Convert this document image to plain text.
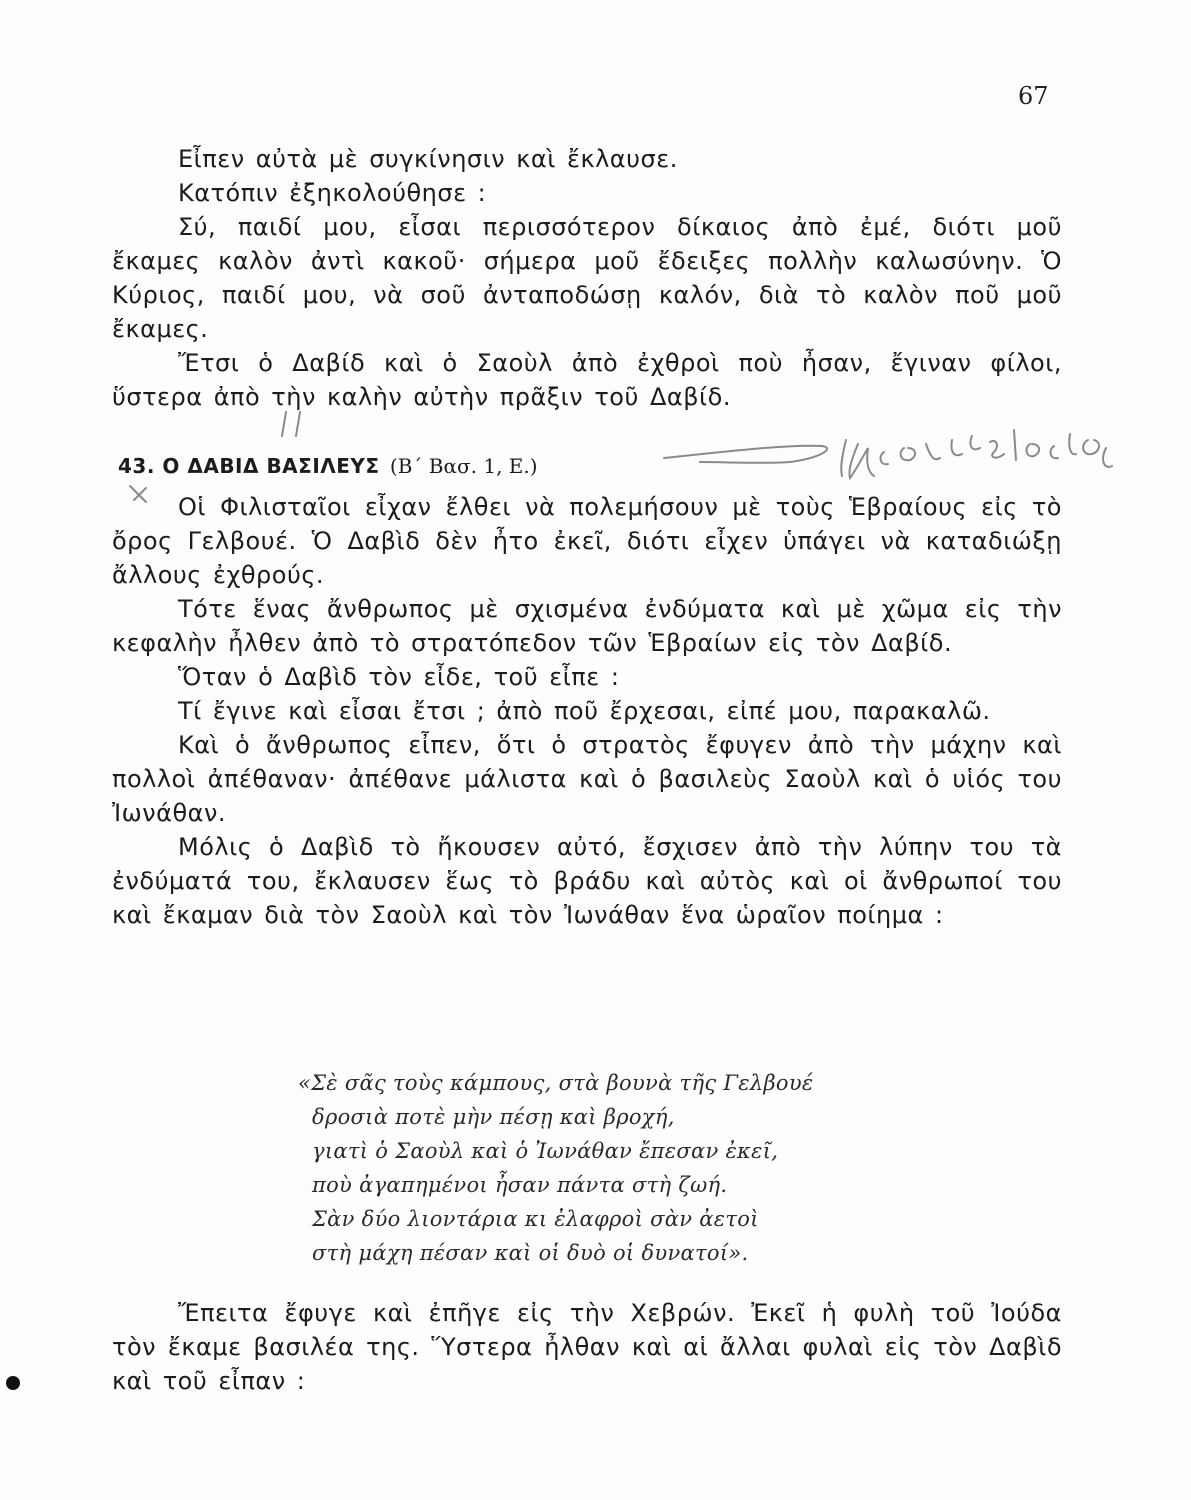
67

Εἶπεν αὐτὰ μὲ συγκίνησιν καὶ ἔκλαυσε.

Κατόπιν ἐξηκολούθησε :

Σύ, παιδί μου, εἶσαι περισσότερον δίκαιος ἀπὸ ἐμέ, διότι μοῦ ἔκαμες καλὸν ἀντὶ κακοῦ· σήμερα μοῦ ἔδειξες πολλὴν καλωσύνην. Ὁ Κύριος, παιδί μου, νὰ σοῦ ἀνταποδώσῃ καλόν, διὰ τὸ καλὸν ποῦ μοῦ ἔκαμες.

Ἔτσι ὁ Δαβίδ καὶ ὁ Σαοὺλ ἀπὸ ἐχθροὶ ποὺ ἦσαν, ἔγιναν φίλοι, ὕστερα ἀπὸ τὴν καλὴν αὐτὴν πρᾶξιν τοῦ Δαβίδ.

43. Ο ΔΑΒΙΔ ΒΑΣΙΛΕΥΣ (Β΄ Βασ. 1, Ε.)

Οἱ Φιλισταῖοι εἶχαν ἔλθει νὰ πολεμήσουν μὲ τοὺς Ἑβραίους εἰς τὸ ὄρος Γελβουέ. Ὁ Δαβὶδ δὲν ἦτο ἐκεῖ, διότι εἶχεν ὑπάγει νὰ καταδιώξῃ ἄλλους ἐχθρούς.

Τότε ἕνας ἄνθρωπος μὲ σχισμένα ἐνδύματα καὶ μὲ χῶμα εἰς τὴν κεφαλὴν ἦλθεν ἀπὸ τὸ στρατόπεδον τῶν Ἑβραίων εἰς τὸν Δαβίδ.

Ὅταν ὁ Δαβὶδ τὸν εἶδε, τοῦ εἶπε :

Τί ἔγινε καὶ εἶσαι ἔτσι ; ἀπὸ ποῦ ἔρχεσαι, εἰπέ μου, παρακαλῶ.

Καὶ ὁ ἄνθρωπος εἶπεν, ὅτι ὁ στρατὸς ἔφυγεν ἀπὸ τὴν μάχην καὶ πολλοὶ ἀπέθαναν· ἀπέθανε μάλιστα καὶ ὁ βασιλεὺς Σαοὺλ καὶ ὁ υἱός του Ἰωνάθαν.

Μόλις ὁ Δαβὶδ τὸ ἤκουσεν αὐτό, ἔσχισεν ἀπὸ τὴν λύπην του τὰ ἐνδύματά του, ἔκλαυσεν ἕως τὸ βράδυ καὶ αὐτὸς καὶ οἱ ἄνθρωποί του καὶ ἔκαμαν διὰ τὸν Σαοὺλ καὶ τὸν Ἰωνάθαν ἕνα ὡραῖον ποίημα :

«Σὲ σᾶς τοὺς κάμπους, στὰ βουνὰ τῆς Γελβουέ
δροσιὰ ποτὲ μὴν πέσῃ καὶ βροχή,
γιατὶ ὁ Σαοὺλ καὶ ὁ Ἰωνάθαν ἔπεσαν ἐκεῖ,
ποὺ ἀγαπημένοι ἦσαν πάντα στὴ ζωή.
Σὰν δύο λιοντάρια κι ἐλαφροὶ σὰν ἀετοὶ
στὴ μάχη πέσαν καὶ οἱ δυὸ οἱ δυνατοί».

Ἔπειτα ἔφυγε καὶ ἐπῆγε εἰς τὴν Χεβρών. Ἐκεῖ ἡ φυλὴ τοῦ Ἰούδα τὸν ἔκαμε βασιλέα της. Ὕστερα ἦλθαν καὶ αἱ ἄλλαι φυλαὶ εἰς τὸν Δαβὶδ καὶ τοῦ εἶπαν :
